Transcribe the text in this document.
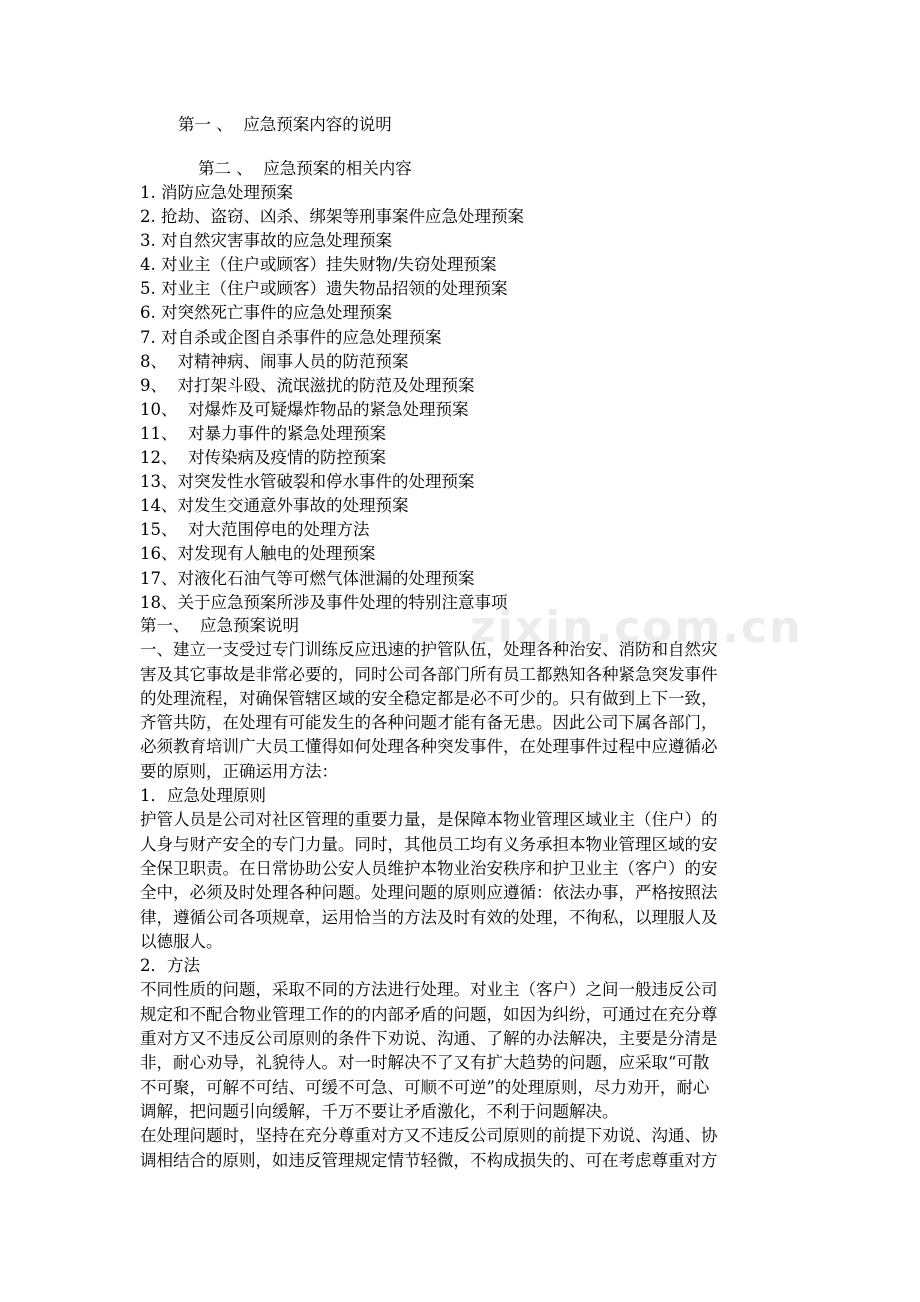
zixin.com.cn
第一 、  应急预案内容的说明
第二 、  应急预案的相关内容
1. 消防应急处理预案
2. 抢劫、盗窃、凶杀、绑架等刑事案件应急处理预案
3. 对自然灾害事故的应急处理预案
4. 对业主（住户或顾客）挂失财物/失窃处理预案
5. 对业主（住户或顾客）遗失物品招领的处理预案
6. 对突然死亡事件的应急处理预案
7. 对自杀或企图自杀事件的应急处理预案
8、  对精神病、闹事人员的防范预案
9、  对打架斗殴、流氓滋扰的防范及处理预案
10、  对爆炸及可疑爆炸物品的紧急处理预案
11、  对暴力事件的紧急处理预案
12、  对传染病及疫情的防控预案
13、对突发性水管破裂和停水事件的处理预案
14、对发生交通意外事故的处理预案
15、  对大范围停电的处理方法
16、对发现有人触电的处理预案
17、对液化石油气等可燃气体泄漏的处理预案
18、关于应急预案所涉及事件处理的特别注意事项
第一、  应急预案说明
一、建立一支受过专门训练反应迅速的护管队伍，处理各种治安、消防和自然灾
害及其它事故是非常必要的，同时公司各部门所有员工都熟知各种紧急突发事件
的处理流程，对确保管辖区域的安全稳定都是必不可少的。只有做到上下一致，
齐管共防，在处理有可能发生的各种问题才能有备无患。因此公司下属各部门，
必须教育培训广大员工懂得如何处理各种突发事件，在处理事件过程中应遵循必
要的原则，正确运用方法：
1．应急处理原则
护管人员是公司对社区管理的重要力量，是保障本物业管理区域业主（住户）的
人身与财产安全的专门力量。同时，其他员工均有义务承担本物业管理区域的安
全保卫职责。在日常协助公安人员维护本物业治安秩序和护卫业主（客户）的安
全中，必须及时处理各种问题。处理问题的原则应遵循：依法办事，严格按照法
律，遵循公司各项规章，运用恰当的方法及时有效的处理，不徇私，以理服人及
以德服人。
2．方法
不同性质的问题，采取不同的方法进行处理。对业主（客户）之间一般违反公司
规定和不配合物业管理工作的的内部矛盾的问题，如因为纠纷，可通过在充分尊
重对方又不违反公司原则的条件下劝说、沟通、了解的办法解决，主要是分清是
非，耐心劝导，礼貌待人。对一时解决不了又有扩大趋势的问题，应采取“可散
不可聚，可解不可结、可缓不可急、可顺不可逆”的处理原则，尽力劝开，耐心
调解，把问题引向缓解，千万不要让矛盾激化，不利于问题解决。
在处理问题时，坚持在充分尊重对方又不违反公司原则的前提下劝说、沟通、协
调相结合的原则，如违反管理规定情节轻微，不构成损失的、可在考虑尊重对方
